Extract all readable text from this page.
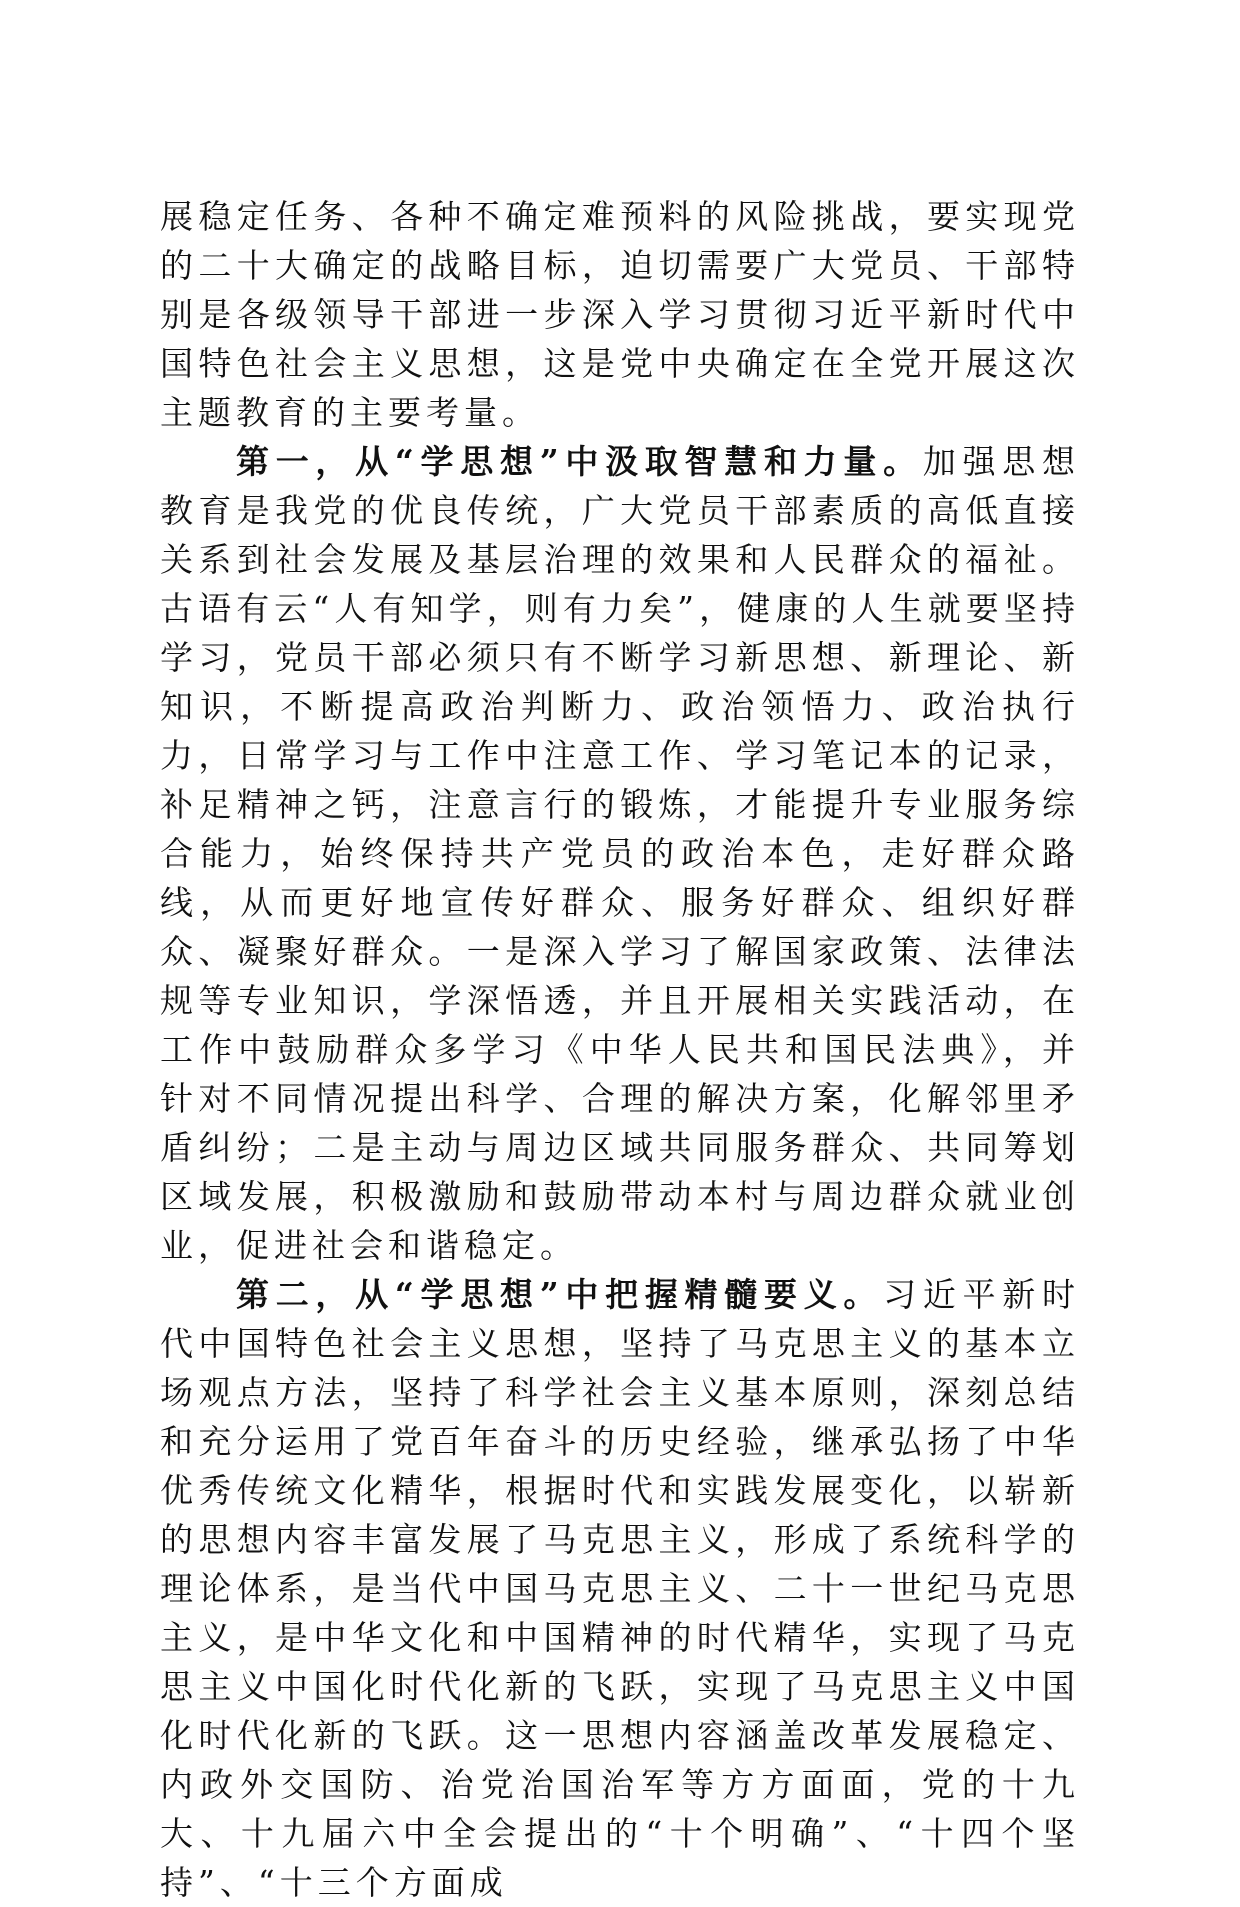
展稳定任务、各种不确定难预料的风险挑战，要实现党的二十大确定的战略目标，迫切需要广大党员、干部特别是各级领导干部进一步深入学习贯彻习近平新时代中国特色社会主义思想，这是党中央确定在全党开展这次主题教育的主要考量。

第一，从“学思想”中汲取智慧和力量。加强思想教育是我党的优良传统，广大党员干部素质的高低直接关系到社会发展及基层治理的效果和人民群众的福祉。古语有云“人有知学，则有力矣”，健康的人生就要坚持学习，党员干部必须只有不断学习新思想、新理论、新知识，不断提高政治判断力、政治领悟力、政治执行力，日常学习与工作中注意工作、学习笔记本的记录，补足精神之钙，注意言行的锻炼，才能提升专业服务综合能力，始终保持共产党员的政治本色，走好群众路线，从而更好地宣传好群众、服务好群众、组织好群众、凝聚好群众。一是深入学习了解国家政策、法律法规等专业知识，学深悟透，并且开展相关实践活动，在工作中鼓励群众多学习《中华人民共和国民法典》，并针对不同情况提出科学、合理的解决方案，化解邻里矛盾纠纷；二是主动与周边区域共同服务群众、共同筹划区域发展，积极激励和鼓励带动本村与周边群众就业创业，促进社会和谐稳定。

第二，从“学思想”中把握精髓要义。习近平新时代中国特色社会主义思想，坚持了马克思主义的基本立场观点方法，坚持了科学社会主义基本原则，深刻总结和充分运用了党百年奋斗的历史经验，继承弘扬了中华优秀传统文化精华，根据时代和实践发展变化，以崭新的思想内容丰富发展了马克思主义，形成了系统科学的理论体系，是当代中国马克思主义、二十一世纪马克思主义，是中华文化和中国精神的时代精华，实现了马克思主义中国化时代化新的飞跃，实现了马克思主义中国化时代化新的飞跃。这一思想内容涵盖改革发展稳定、内政外交国防、治党治国治军等方方面面，党的十九大、十九届六中全会提出的“十个明确”、“十四个坚持”、“十三个方面成
